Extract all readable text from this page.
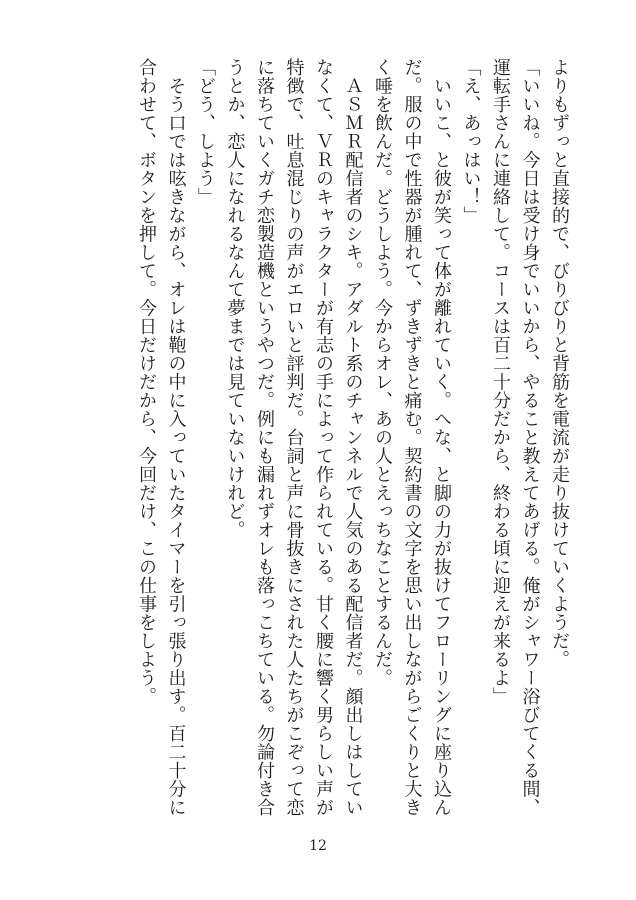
よりもずっと直接的で、びりびりと背筋を電流が走り抜けていくようだ。

「いいね。今日は受け身でいいから、やること教えてあげる。俺がシャワー浴びてくる間、運転手さんに連絡して。コースは百二十分だから、終わる頃に迎えが来るよ」

「え、あっはい！」

　いいこ、と彼が笑って体が離れていく。へな、と脚の力が抜けてフローリングに座り込んだ。服の中で性器が腫れて、ずきずきと痛む。契約書の文字を思い出しながらごくりと大きく唾を飲んだ。どうしよう。今からオレ、あの人とえっちなことするんだ。

　ＡＳＭＲ配信者のシキ。アダルト系のチャンネルで人気のある配信者だ。顔出しはしていなくて、ＶＲのキャラクターが有志の手によって作られている。甘く腰に響く男らしい声が特徴で、吐息混じりの声がエロいと評判だ。台詞と声に骨抜きにされた人たちがこぞって恋に落ちていくガチ恋製造機というやつだ。例にも漏れずオレも落っこちている。勿論付き合うとか、恋人になれるなんて夢までは見ていないけれど。

「どう、しよう」

　そう口では呟きながら、オレは鞄の中に入っていたタイマーを引っ張り出す。百二十分に合わせて、ボタンを押して。今日だけだから、今回だけ、この仕事をしよう。

12
